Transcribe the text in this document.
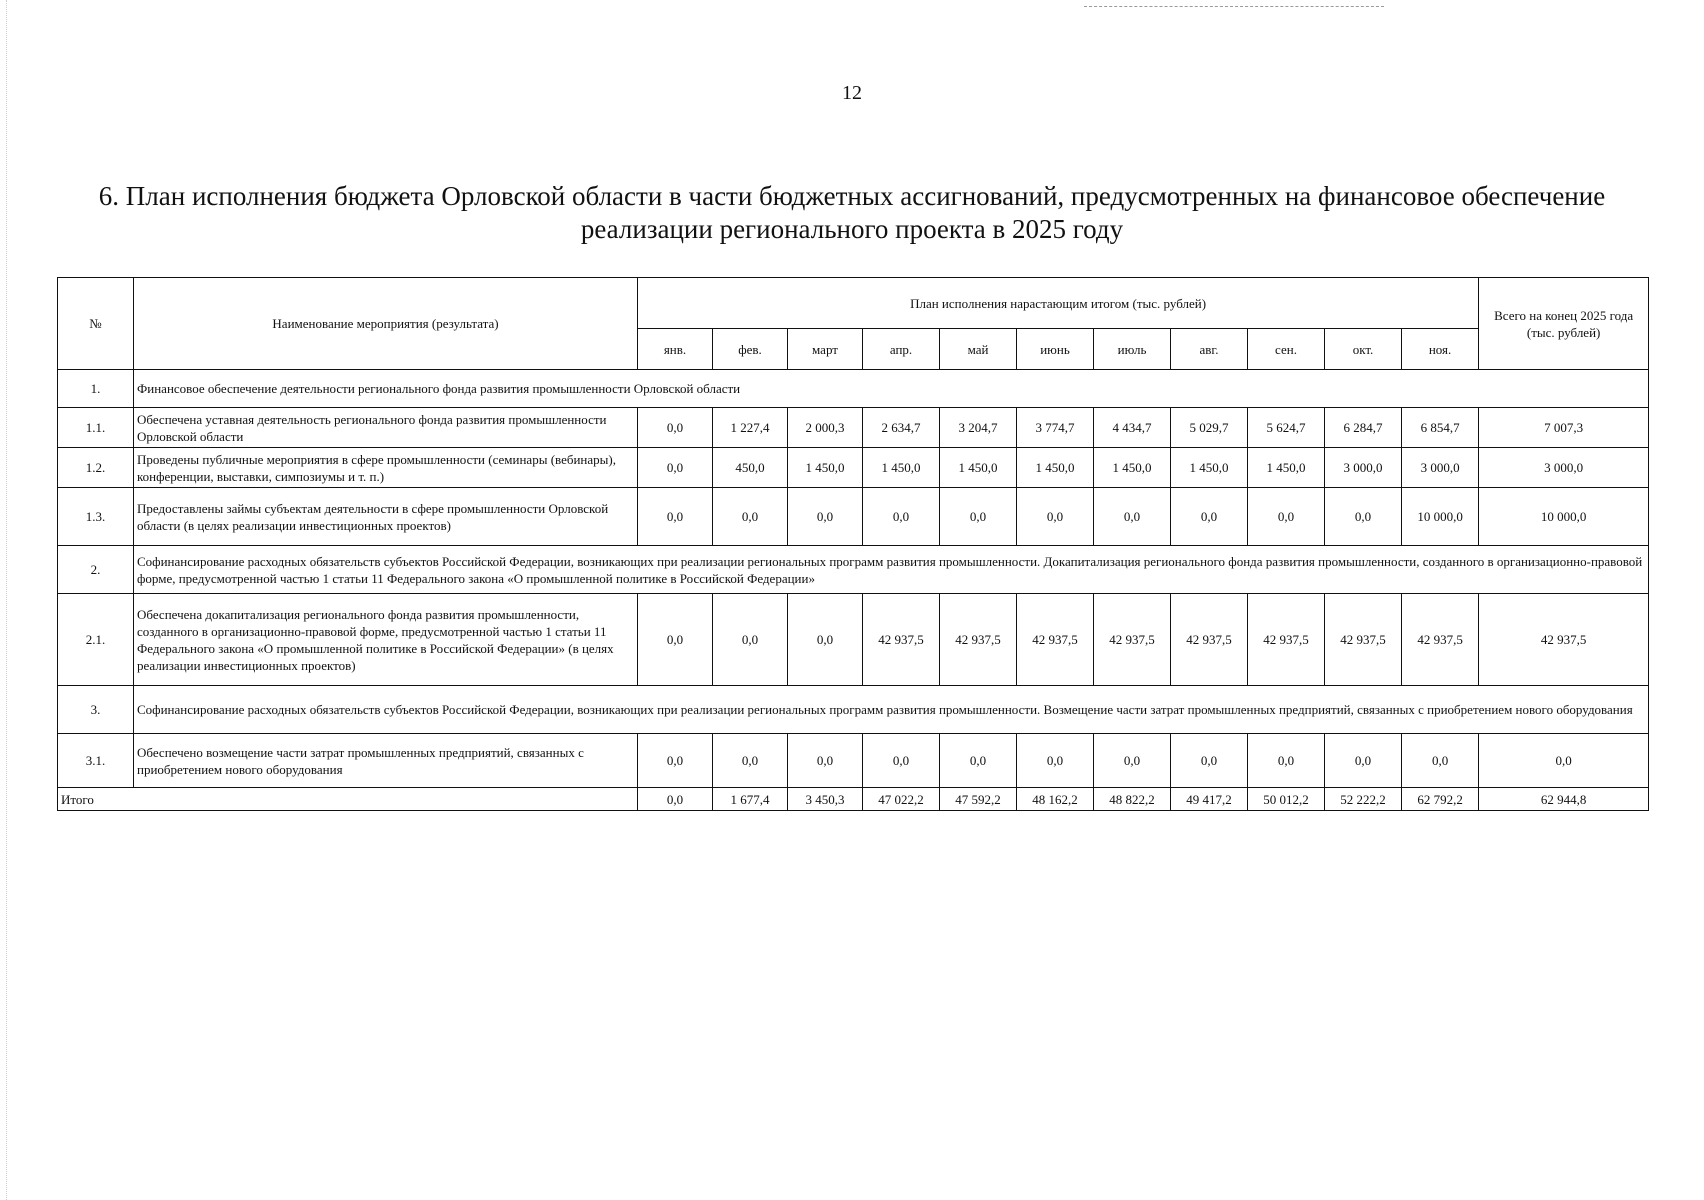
12
6. План исполнения бюджета Орловской области в части бюджетных ассигнований, предусмотренных на финансовое обеспечение
реализации регионального проекта в 2025 году
№	Наименование мероприятия (результата)	План исполнения нарастающим итогом (тыс. рублей)											Всего на конец 2025 года (тыс. рублей)
		янв.	фев.	март	апр.	май	июнь	июль	авг.	сен.	окт.	ноя.	
1.	Финансовое обеспечение деятельности регионального фонда развития промышленности Орловской области												
1.1.	Обеспечена уставная деятельность регионального фонда развития промышленности Орловской области	0,0	1 227,4	2 000,3	2 634,7	3 204,7	3 774,7	4 434,7	5 029,7	5 624,7	6 284,7	6 854,7	7 007,3
1.2.	Проведены публичные мероприятия в сфере промышленности (семинары (вебинары), конференции, выставки, симпозиумы и т. п.)	0,0	450,0	1 450,0	1 450,0	1 450,0	1 450,0	1 450,0	1 450,0	1 450,0	3 000,0	3 000,0	3 000,0
1.3.	Предоставлены займы субъектам деятельности в сфере промышленности Орловской области (в целях реализации инвестиционных проектов)	0,0	0,0	0,0	0,0	0,0	0,0	0,0	0,0	0,0	0,0	10 000,0	10 000,0
2.	Софинансирование расходных обязательств субъектов Российской Федерации, возникающих при реализации региональных программ развития промышленности. Докапитализация регионального фонда развития промышленности, созданного в организационно-правовой форме, предусмотренной частью 1 статьи 11 Федерального закона «О промышленной политике в Российской Федерации»												
2.1.	Обеспечена докапитализация регионального фонда развития промышленности, созданного в организационно-правовой форме, предусмотренной частью 1 статьи 11 Федерального закона «О промышленной политике в Российской Федерации» (в целях реализации инвестиционных проектов)	0,0	0,0	0,0	42 937,5	42 937,5	42 937,5	42 937,5	42 937,5	42 937,5	42 937,5	42 937,5	42 937,5
3.	Софинансирование расходных обязательств субъектов Российской Федерации, возникающих при реализации региональных программ развития промышленности. Возмещение части затрат промышленных предприятий, связанных с приобретением нового оборудования												
3.1.	Обеспечено возмещение части затрат промышленных предприятий, связанных с приобретением нового оборудования	0,0	0,0	0,0	0,0	0,0	0,0	0,0	0,0	0,0	0,0	0,0	0,0
Итого		0,0	1 677,4	3 450,3	47 022,2	47 592,2	48 162,2	48 822,2	49 417,2	50 012,2	52 222,2	62 792,2	62 944,8
